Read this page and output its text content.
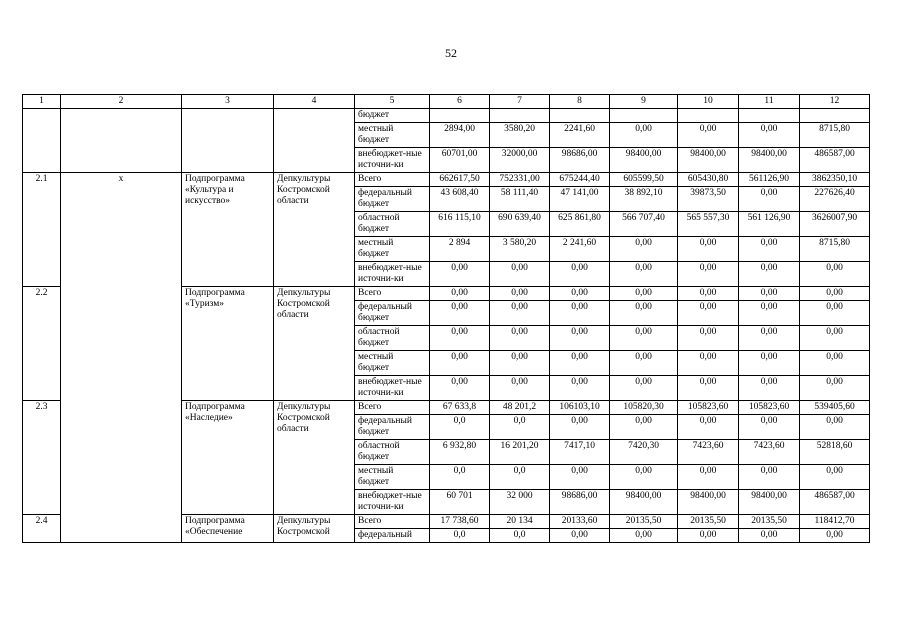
52
1	2	3	4	5	6	7	8	9	10	11	12
				бюджет							
				местный бюджет	2894,00	3580,20	2241,60	0,00	0,00	0,00	8715,80
				внебюджет-ные источни-ки	60701,00	32000,00	98686,00	98400,00	98400,00	98400,00	486587,00
2.1	х	Подпрограмма «Культура и искусство»	Депкультуры Костромской области	Всего	662617,50	752331,00	675244,40	605599,50	605430,80	561126,90	3862350,10
				федеральный бюджет	43 608,40	58 111,40	47 141,00	38 892,10	39873,50	0,00	227626,40
				областной бюджет	616 115,10	690 639,40	625 861,80	566 707,40	565 557,30	561 126,90	3626007,90
				местный бюджет	2 894	3 580,20	2 241,60	0,00	0,00	0,00	8715,80
				внебюджет-ные источни-ки	0,00	0,00	0,00	0,00	0,00	0,00	0,00
2.2		Подпрограмма «Туризм»	Депкультуры Костромской области	Всего	0,00	0,00	0,00	0,00	0,00	0,00	0,00
				федеральный бюджет	0,00	0,00	0,00	0,00	0,00	0,00	0,00
				областной бюджет	0,00	0,00	0,00	0,00	0,00	0,00	0,00
				местный бюджет	0,00	0,00	0,00	0,00	0,00	0,00	0,00
				внебюджет-ные источни-ки	0,00	0,00	0,00	0,00	0,00	0,00	0,00
2.3		Подпрограмма «Наследие»	Депкультуры Костромской области	Всего	67 633,8	48 201,2	106103,10	105820,30	105823,60	105823,60	539405,60
				федеральный бюджет	0,0	0,0	0,00	0,00	0,00	0,00	0,00
				областной бюджет	6 932,80	16 201,20	7417,10	7420,30	7423,60	7423,60	52818,60
				местный бюджет	0,0	0,0	0,00	0,00	0,00	0,00	0,00
				внебюджет-ные источни-ки	60 701	32 000	98686,00	98400,00	98400,00	98400,00	486587,00
2.4		Подпрограмма «Обеспечение	Депкультуры Костромской	Всего	17 738,60	20 134	20133,60	20135,50	20135,50	20135,50	118412,70
				федеральный	0,0	0,0	0,00	0,00	0,00	0,00	0,00
